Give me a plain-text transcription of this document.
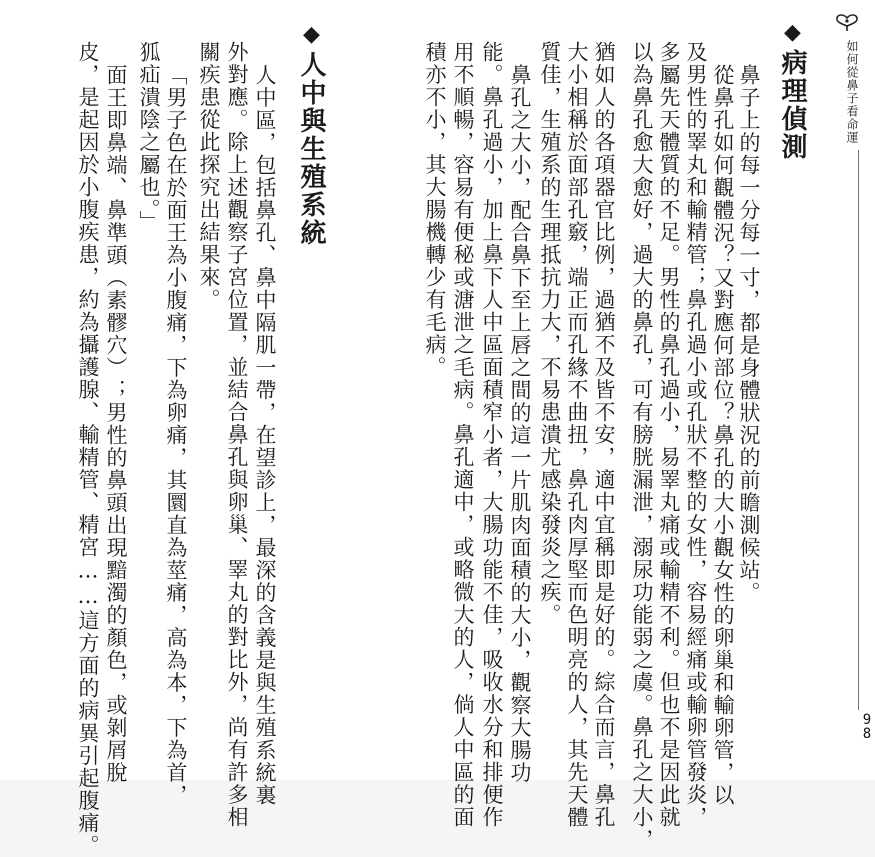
如何從鼻子看命運
9
8
◆病理偵測
鼻子上的每一分每一寸，都是身體狀況的前瞻測候站。
從鼻孔如何觀體況？又對應何部位？鼻孔的大小觀女性的卵巢和輸卵管，以
及男性的睪丸和輸精管；鼻孔過小或孔狀不整的女性，容易經痛或輸卵管發炎，
多屬先天體質的不足。男性的鼻孔過小，易睪丸痛或輸精不利。但也不是因此就
以為鼻孔愈大愈好，過大的鼻孔，可有膀胱漏泄，溺尿功能弱之虞。鼻孔之大小，
猶如人的各項器官比例，過猶不及皆不安，適中宜稱即是好的。綜合而言，鼻孔
大小相稱於面部孔竅，端正而孔緣不曲扭，鼻孔肉厚堅而色明亮的人，其先天體
質佳，生殖系的生理抵抗力大，不易患潰尤感染發炎之疾。
鼻孔之大小，配合鼻下至上唇之間的這一片肌肉面積的大小，觀察大腸功
能。鼻孔過小，加上鼻下人中區面積窄小者，大腸功能不佳，吸收水分和排便作
用不順暢，容易有便秘或溏泄之毛病。鼻孔適中，或略微大的人，倘人中區的面
積亦不小，其大腸機轉少有毛病。
◆人中與生殖系統
人中區，包括鼻孔、鼻中隔肌一帶，在望診上，最深的含義是與生殖系統裏
外對應。除上述觀察子宮位置，並結合鼻孔與卵巢、睪丸的對比外，尚有許多相
關疾患從此探究出結果來。
「男子色在於面王為小腹痛，下為卵痛，其圜直為莖痛，高為本，下為首，
狐疝潰陰之屬也。」
面王即鼻端、鼻準頭（素髎穴）；男性的鼻頭出現黯濁的顏色，或剝屑脫
皮，是起因於小腹疾患，約為攝護腺、輸精管、精宮……這方面的病異引起腹痛。
